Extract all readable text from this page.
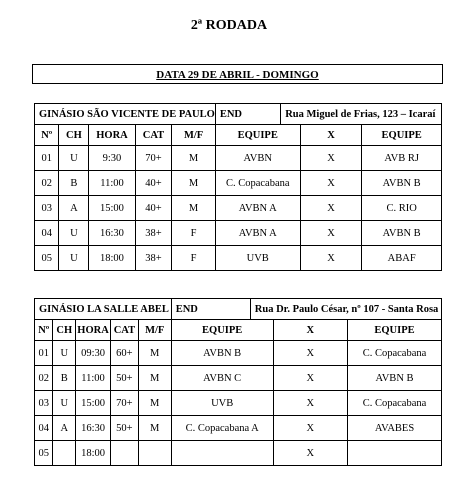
2ª RODADA
DATA 29 DE ABRIL - DOMINGO
GINÁSIO SÃO VICENTE DE PAULO					END	Rua Miguel de Frias, 123 – Icaraí		
Nº	CH	HORA	CAT	M/F	EQUIPE		X	EQUIPE
01	U	9:30	70+	M	AVBN		X	AVB RJ
02	B	11:00	40+	M	C. Copacabana		X	AVBN B
03	A	15:00	40+	M	AVBN A		X	C. RIO
04	U	16:30	38+	F	AVBN A		X	AVBN B
05	U	18:00	38+	F	UVB		X	ABAF
GINÁSIO LA SALLE ABEL					END	Rua Dr. Paulo César, nº 107 - Santa Rosa		
Nº	CH	HORA	CAT	M/F	EQUIPE		X	EQUIPE
01	U	09:30	60+	M	AVBN B		X	C. Copacabana
02	B	11:00	50+	M	AVBN C		X	AVBN B
03	U	15:00	70+	M	UVB		X	C. Copacabana
04	A	16:30	50+	M	C. Copacabana A		X	AVABES
05		18:00					X	
